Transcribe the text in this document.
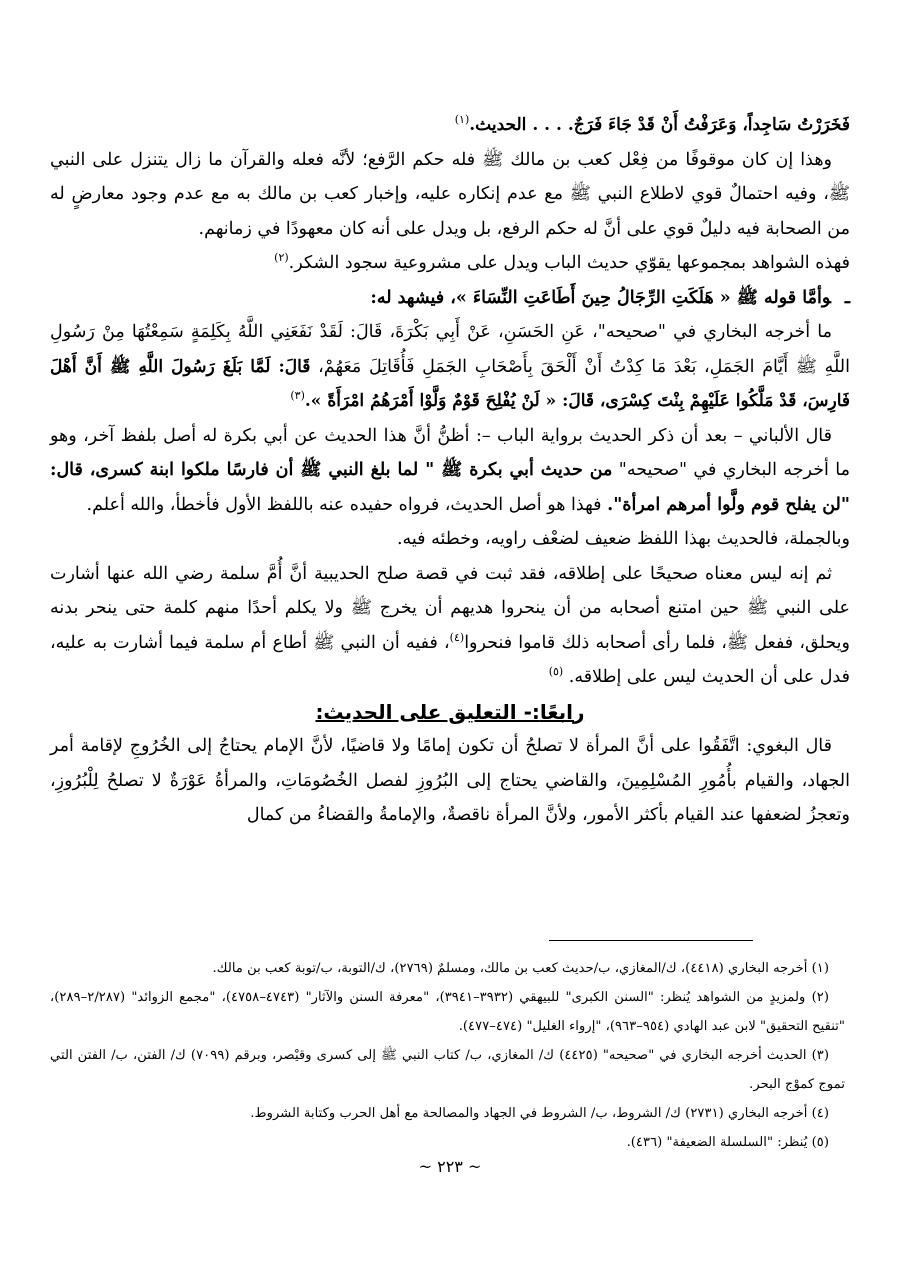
فَخَرَرْتُ سَاجِداً، وَعَرَفْتُ أَنْ قَدْ جَاءَ فَرَجٌ. . . . الحديث.$^{(١)}$

وهذا إن كان موقوفًا من فِعْل كعب بن مالك ﷺ فله حكم الرَّفع؛ لأنَّه فعله والقرآن ما زال يتنزل على النبي ﷺ، وفيه احتمالٌ قوي لاطلاع النبي ﷺ مع عدم إنكاره عليه، وإخبار كعب بن مالك به مع عدم وجود معارضٍ له من الصحابة فيه دليلٌ قوي على أنَّ له حكم الرفع، بل ويدل على أنه كان معهودًا في زمانهم.

فهذه الشواهد بمجموعها يقوّي حديث الباب ويدل على مشروعية سجود الشكر.$^{(٢)}$

ـوأمَّا قوله ﷺ « هَلَكَتِ الرِّجَالُ حِينَ أَطَاعَتِ النِّسَاءَ »، فيشهد له:

ما أخرجه البخاري في "صحيحه"، عَنِ الحَسَنِ، عَنْ أَبِي بَكْرَةَ، قَالَ: لَقَدْ نَفَعَنِي اللَّهُ بِكَلِمَةٍ سَمِعْتُهَا مِنْ رَسُولِ اللَّهِ ﷺ أَيَّامَ الجَمَلِ، بَعْدَ مَا كِدْتُ أَنْ أَلْحَقَ بِأَصْحَابِ الجَمَلِ فَأُقَاتِلَ مَعَهُمْ، قَالَ: لَمَّا بَلَغَ رَسُولَ اللَّهِ ﷺ أَنَّ أَهْلَ فَارِسَ، قَدْ مَلَّكُوا عَلَيْهِمْ بِنْتَ كِسْرَى، قَالَ: « لَنْ يُفْلِحَ قَوْمٌ وَلَّوْا أَمْرَهُمُ امْرَأَةً ».$^{(٣)}$

قال الألباني – بعد أن ذكر الحديث برواية الباب –: أظنُّ أنَّ هذا الحديث عن أبي بكرة له أصل بلفظ آخر، وهو ما أخرجه البخاري في "صحيحه" من حديث أبي بكرة ﷺ " لما بلغ النبي ﷺ أن فارسًا ملكوا ابنة كسرى، قال: "لن يفلح قوم ولَّوا أمرهم امرأة". فهذا هو أصل الحديث، فرواه حفيده عنه باللفظ الأول فأخطأ، والله أعلم.

وبالجملة، فالحديث بهذا اللفظ ضعيف لضعْف راويه، وخطئه فيه.

ثم إنه ليس معناه صحيحًا على إطلاقه، فقد ثبت في قصة صلح الحديبية أنَّ أُمَّ سلمة رضي الله عنها أشارت على النبي ﷺ حين امتنع أصحابه من أن ينحروا هديهم أن يخرج ﷺ ولا يكلم أحدًا منهم كلمة حتى ينحر بدنه ويحلق، ففعل ﷺ، فلما رأى أصحابه ذلك قاموا فنحروا$^{(٤)}$، ففيه أن النبي ﷺ أطاع أم سلمة فيما أشارت به عليه، فدل على أن الحديث ليس على إطلاقه. $^{(٥)}$

رابعًا:- التعليق على الحديث:

قال البغوي: اتَّفَقُوا على أنَّ المرأة لا تصلحُ أن تكون إمامًا ولا قاضيًا، لأنَّ الإمام يحتاجُ إلى الخُرُوجِ لإقامة أمر الجهاد، والقيام بأُمُورِ المُسْلِمِينَ، والقاضي يحتاج إلى البُرُوزِ لفصل الخُصُومَاتِ، والمرأةُ عَوْرَةٌ لا تصلحُ لِلْبُرُوزِ، وتعجزُ لضعفها عند القيام بأكثر الأمور، ولأنَّ المرأة ناقصةٌ، والإمامةُ والقضاءُ من كمال

(١) أخرجه البخاري (٤٤١٨)، ك/المغازي، ب/حديث كعب بن مالك، ومسلمٌ (٢٧٦٩)، ك/التوبة، ب/توبة كعب بن مالك.

(٢) ولمزيدٍ من الشواهد يُنظر: "السنن الكبرى" للبيهقي (٣٩٣٢–٣٩٤١)، "معرفة السنن والآثار" (٤٧٤٣–٤٧٥٨)، "مجمع الزوائد" (٢/٢٨٧–٢٨٩)، "تنقيح التحقيق" لابن عبد الهادي (٩٥٤–٩٦٣)، "إرواء الغليل" (٤٧٤–٤٧٧).

(٣) الحديث أخرجه البخاري في "صحيحه" (٤٤٢٥) ك/ المغازي، ب/ كتاب النبي ﷺ إلى كسرى وقيْصر، وبرقم (٧٠٩٩) ك/ الفتن، ب/ الفتن التي تموج كموْج البحر.

(٤) أخرجه البخاري (٢٧٣١) ك/ الشروط، ب/ الشروط في الجهاد والمصالحة مع أهل الحرب وكتابة الشروط.

(٥) يُنظر: "السلسلة الضعيفة" (٤٣٦).

~ ٢٢٣ ~
